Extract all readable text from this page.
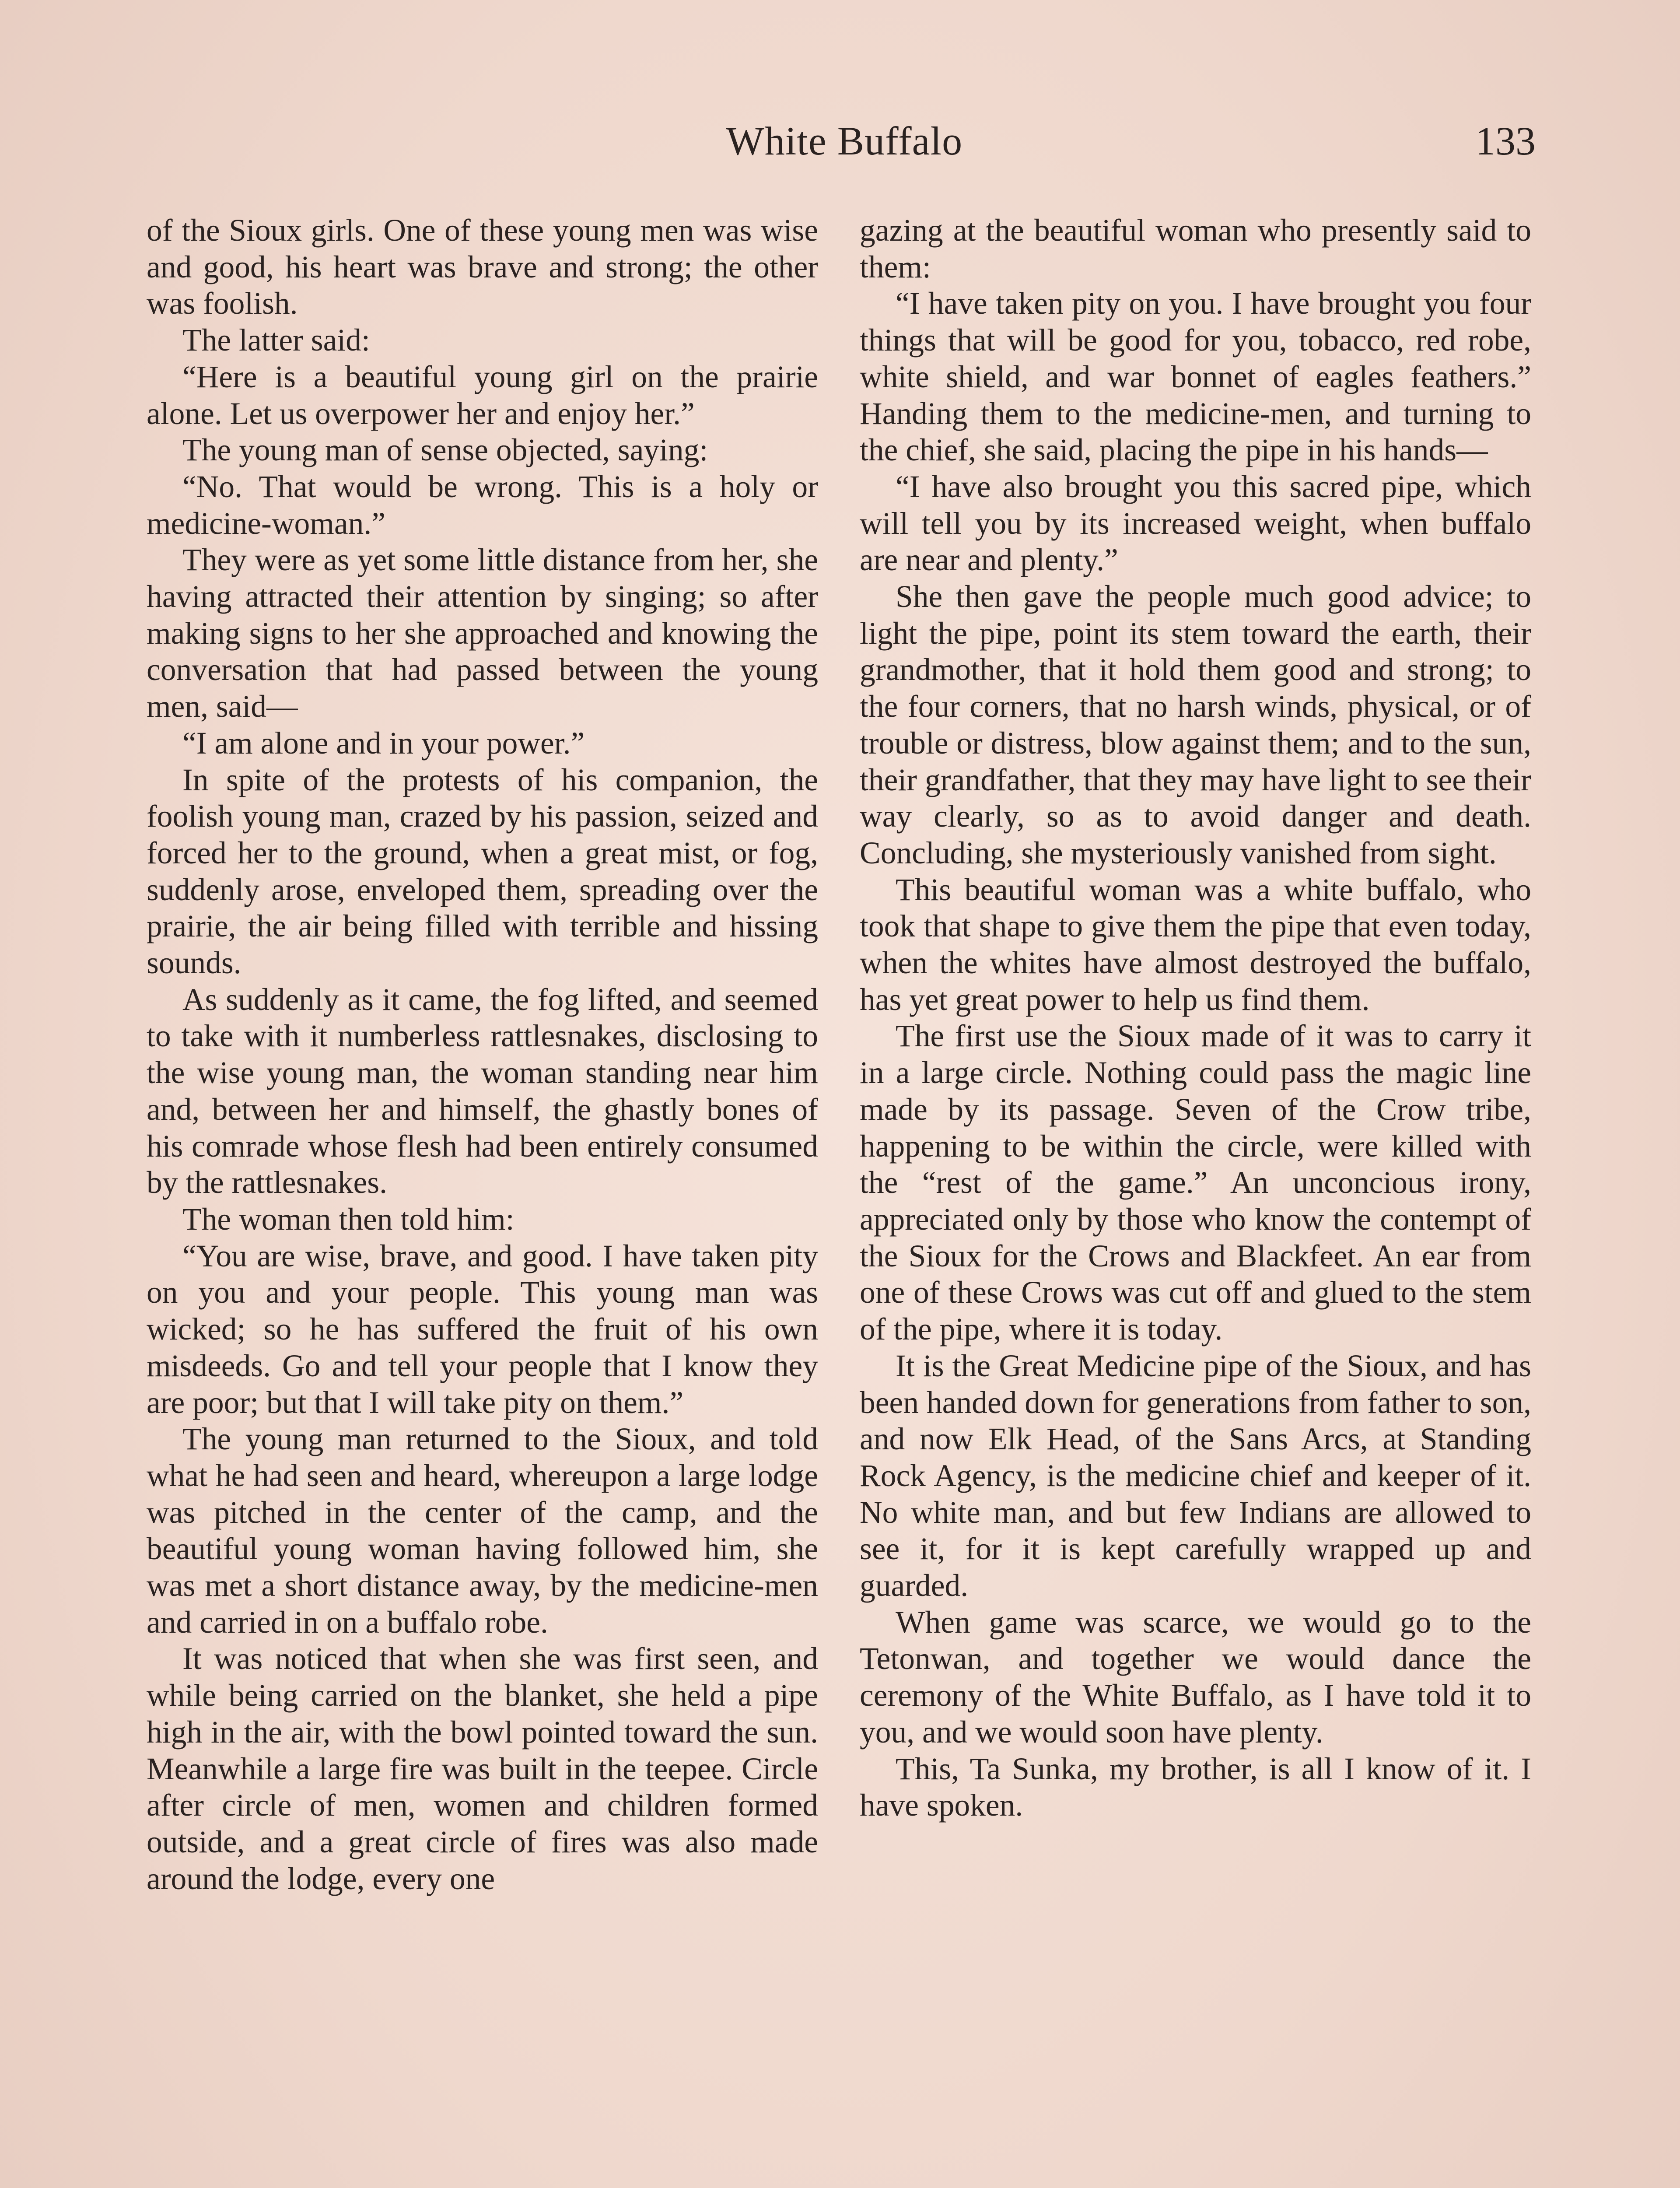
White Buffalo	133

of the Sioux girls. One of these young men was wise and good, his heart was brave and strong; the other was foolish.

The latter said:

“Here is a beautiful young girl on the prairie alone. Let us overpower her and enjoy her.”

The young man of sense objected, saying:

“No. That would be wrong. This is a holy or medicine-woman.”

They were as yet some little distance from her, she having attracted their attention by singing; so after making signs to her she approached and knowing the conversation that had passed between the young men, said—

“I am alone and in your power.”

In spite of the protests of his companion, the foolish young man, crazed by his passion, seized and forced her to the ground, when a great mist, or fog, suddenly arose, enveloped them, spreading over the prairie, the air being filled with terrible and hissing sounds.

As suddenly as it came, the fog lifted, and seemed to take with it numberless rattlesnakes, disclosing to the wise young man, the woman standing near him and, between her and himself, the ghastly bones of his comrade whose flesh had been entirely consumed by the rattlesnakes.

The woman then told him:

“You are wise, brave, and good. I have taken pity on you and your people. This young man was wicked; so he has suffered the fruit of his own misdeeds. Go and tell your people that I know they are poor; but that I will take pity on them.”

The young man returned to the Sioux, and told what he had seen and heard, whereupon a large lodge was pitched in the center of the camp, and the beautiful young woman having followed him, she was met a short distance away, by the medicine-men and carried in on a buffalo robe.

It was noticed that when she was first seen, and while being carried on the blanket, she held a pipe high in the air, with the bowl pointed toward the sun. Meanwhile a large fire was built in the teepee. Circle after circle of men, women and children formed outside, and a great circle of fires was also made around the lodge, every one

gazing at the beautiful woman who presently said to them:

“I have taken pity on you. I have brought you four things that will be good for you, tobacco, red robe, white shield, and war bonnet of eagles feathers.” Handing them to the medicine-men, and turning to the chief, she said, placing the pipe in his hands—

“I have also brought you this sacred pipe, which will tell you by its increased weight, when buffalo are near and plenty.”

She then gave the people much good advice; to light the pipe, point its stem toward the earth, their grandmother, that it hold them good and strong; to the four corners, that no harsh winds, physical, or of trouble or distress, blow against them; and to the sun, their grandfather, that they may have light to see their way clearly, so as to avoid danger and death. Concluding, she mysteriously vanished from sight.

This beautiful woman was a white buffalo, who took that shape to give them the pipe that even today, when the whites have almost destroyed the buffalo, has yet great power to help us find them.

The first use the Sioux made of it was to carry it in a large circle. Nothing could pass the magic line made by its passage. Seven of the Crow tribe, happening to be within the circle, were killed with the “rest of the game.” An unconcious irony, appreciated only by those who know the contempt of the Sioux for the Crows and Blackfeet. An ear from one of these Crows was cut off and glued to the stem of the pipe, where it is today.

It is the Great Medicine pipe of the Sioux, and has been handed down for generations from father to son, and now Elk Head, of the Sans Arcs, at Standing Rock Agency, is the medicine chief and keeper of it. No white man, and but few Indians are allowed to see it, for it is kept carefully wrapped up and guarded.

When game was scarce, we would go to the Tetonwan, and together we would dance the ceremony of the White Buffalo, as I have told it to you, and we would soon have plenty.

This, Ta Sunka, my brother, is all I know of it. I have spoken.
